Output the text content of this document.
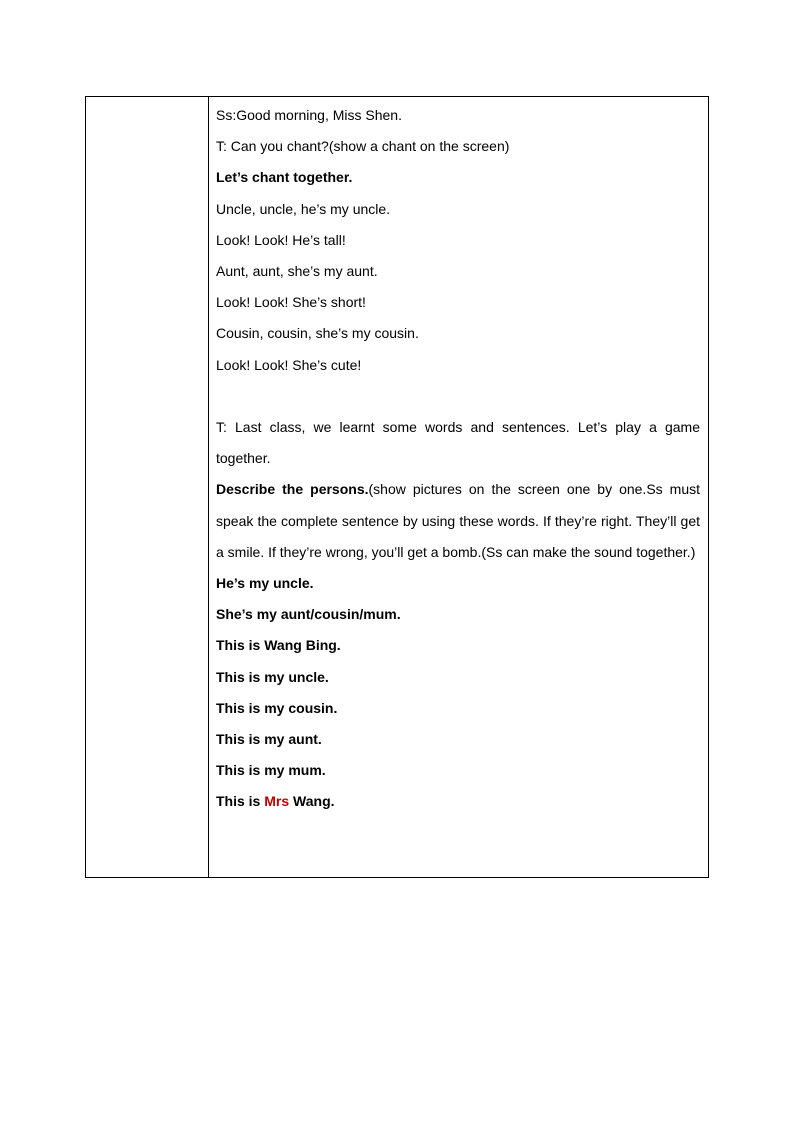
Ss:Good morning, Miss Shen.

T: Can you chant?(show a chant on the screen)

Let’s chant together.

Uncle, uncle, he’s my uncle.

Look! Look! He’s tall!

Aunt, aunt, she’s my aunt.

Look! Look! She’s short!

Cousin, cousin, she’s my cousin.

Look! Look! She’s cute!

T: Last class, we learnt some words and sentences. Let’s play a game together.

Describe the persons.(show pictures on the screen one by one.Ss must speak the complete sentence by using these words. If they’re right. They’ll get a smile. If they’re wrong, you’ll get a bomb.(Ss can make the sound together.)

He’s my uncle.

She’s my aunt/cousin/mum.

This is Wang Bing.

This is my uncle.

This is my cousin.

This is my aunt.

This is my mum.

This is Mrs Wang.
